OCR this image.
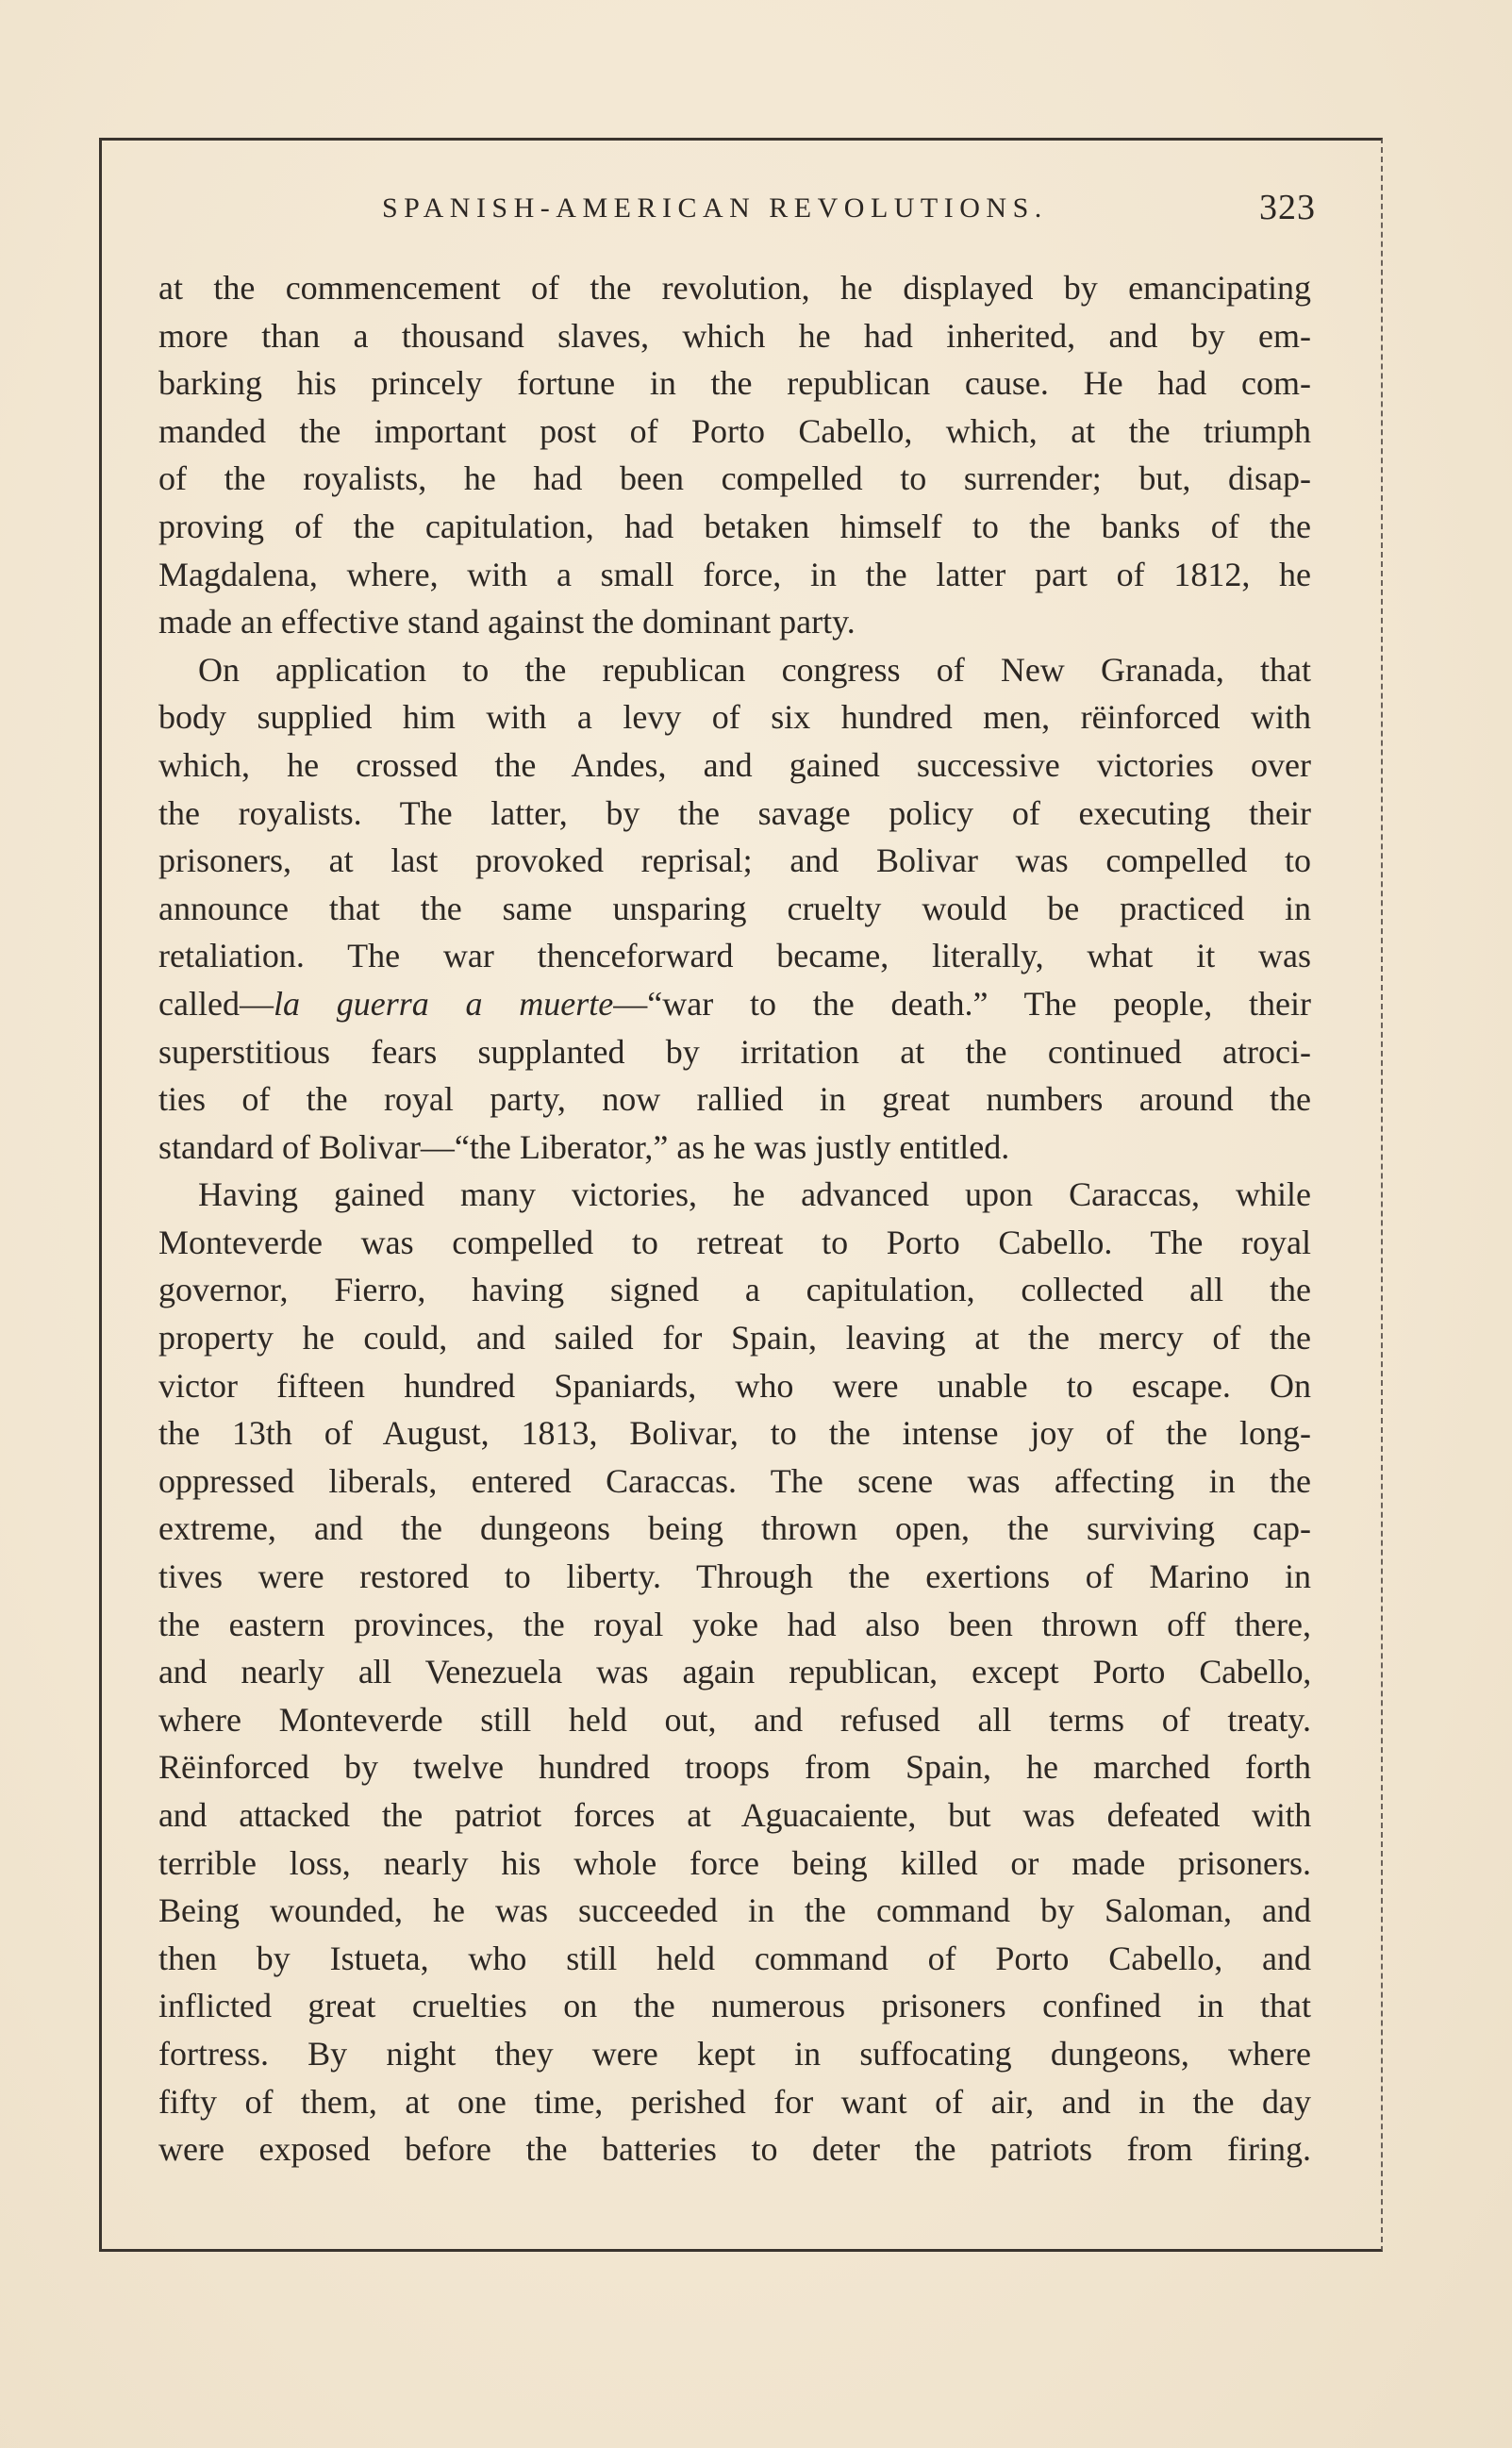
SPANISH-AMERICAN REVOLUTIONS.	323
at the commencement of the revolution, he displayed by emancipating
more than a thousand slaves, which he had inherited, and by em-
barking his princely fortune in the republican cause. He had com-
manded the important post of Porto Cabello, which, at the triumph
of the royalists, he had been compelled to surrender; but, disap-
proving of the capitulation, had betaken himself to the banks of the
Magdalena, where, with a small force, in the latter part of 1812, he
made an effective stand against the dominant party.
On application to the republican congress of New Granada, that
body supplied him with a levy of six hundred men, rëinforced with
which, he crossed the Andes, and gained successive victories over
the royalists. The latter, by the savage policy of executing their
prisoners, at last provoked reprisal; and Bolivar was compelled to
announce that the same unsparing cruelty would be practiced in
retaliation. The war thenceforward became, literally, what it was
called—la guerra a muerte—“war to the death.” The people, their
superstitious fears supplanted by irritation at the continued atroci-
ties of the royal party, now rallied in great numbers around the
standard of Bolivar—“the Liberator,” as he was justly entitled.
Having gained many victories, he advanced upon Caraccas, while
Monteverde was compelled to retreat to Porto Cabello. The royal
governor, Fierro, having signed a capitulation, collected all the
property he could, and sailed for Spain, leaving at the mercy of the
victor fifteen hundred Spaniards, who were unable to escape. On
the 13th of August, 1813, Bolivar, to the intense joy of the long-
oppressed liberals, entered Caraccas. The scene was affecting in the
extreme, and the dungeons being thrown open, the surviving cap-
tives were restored to liberty. Through the exertions of Marino in
the eastern provinces, the royal yoke had also been thrown off there,
and nearly all Venezuela was again republican, except Porto Cabello,
where Monteverde still held out, and refused all terms of treaty.
Rëinforced by twelve hundred troops from Spain, he marched forth
and attacked the patriot forces at Aguacaiente, but was defeated with
terrible loss, nearly his whole force being killed or made prisoners.
Being wounded, he was succeeded in the command by Saloman, and
then by Istueta, who still held command of Porto Cabello, and
inflicted great cruelties on the numerous prisoners confined in that
fortress. By night they were kept in suffocating dungeons, where
fifty of them, at one time, perished for want of air, and in the day
were exposed before the batteries to deter the patriots from firing.
